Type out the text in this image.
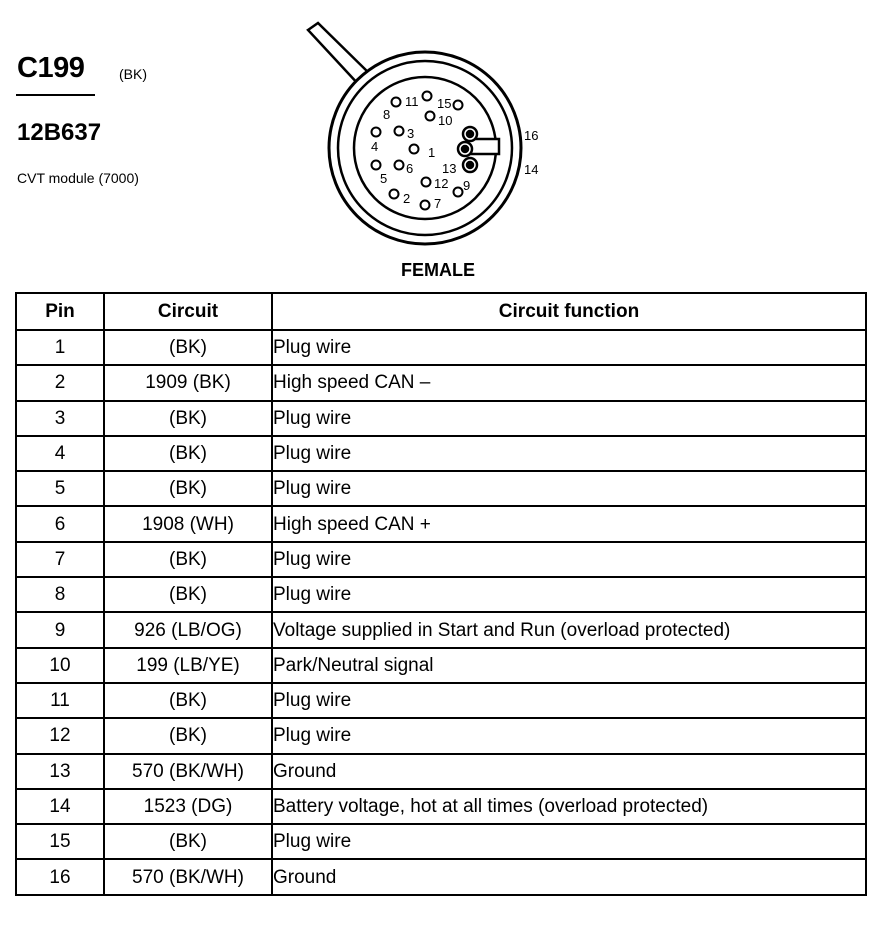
C199 (BK)
12B637
CVT module (7000)
1
2
3
4
5
6
7
8
9
10
11
12
13	14
15
16
FEMALE
Pin	Circuit	Circuit function
1	(BK)	Plug wire
2	1909 (BK)	High speed CAN –
3	(BK)	Plug wire
4	(BK)	Plug wire
5	(BK)	Plug wire
6	1908 (WH)	High speed CAN +
7	(BK)	Plug wire
8	(BK)	Plug wire
9	926 (LB/OG)	Voltage supplied in Start and Run (overload protected)
10	199 (LB/YE)	Park/Neutral signal
11	(BK)	Plug wire
12	(BK)	Plug wire
13	570 (BK/WH)	Ground
14	1523 (DG)	Battery voltage, hot at all times (overload protected)
15	(BK)	Plug wire
16	570 (BK/WH)	Ground
